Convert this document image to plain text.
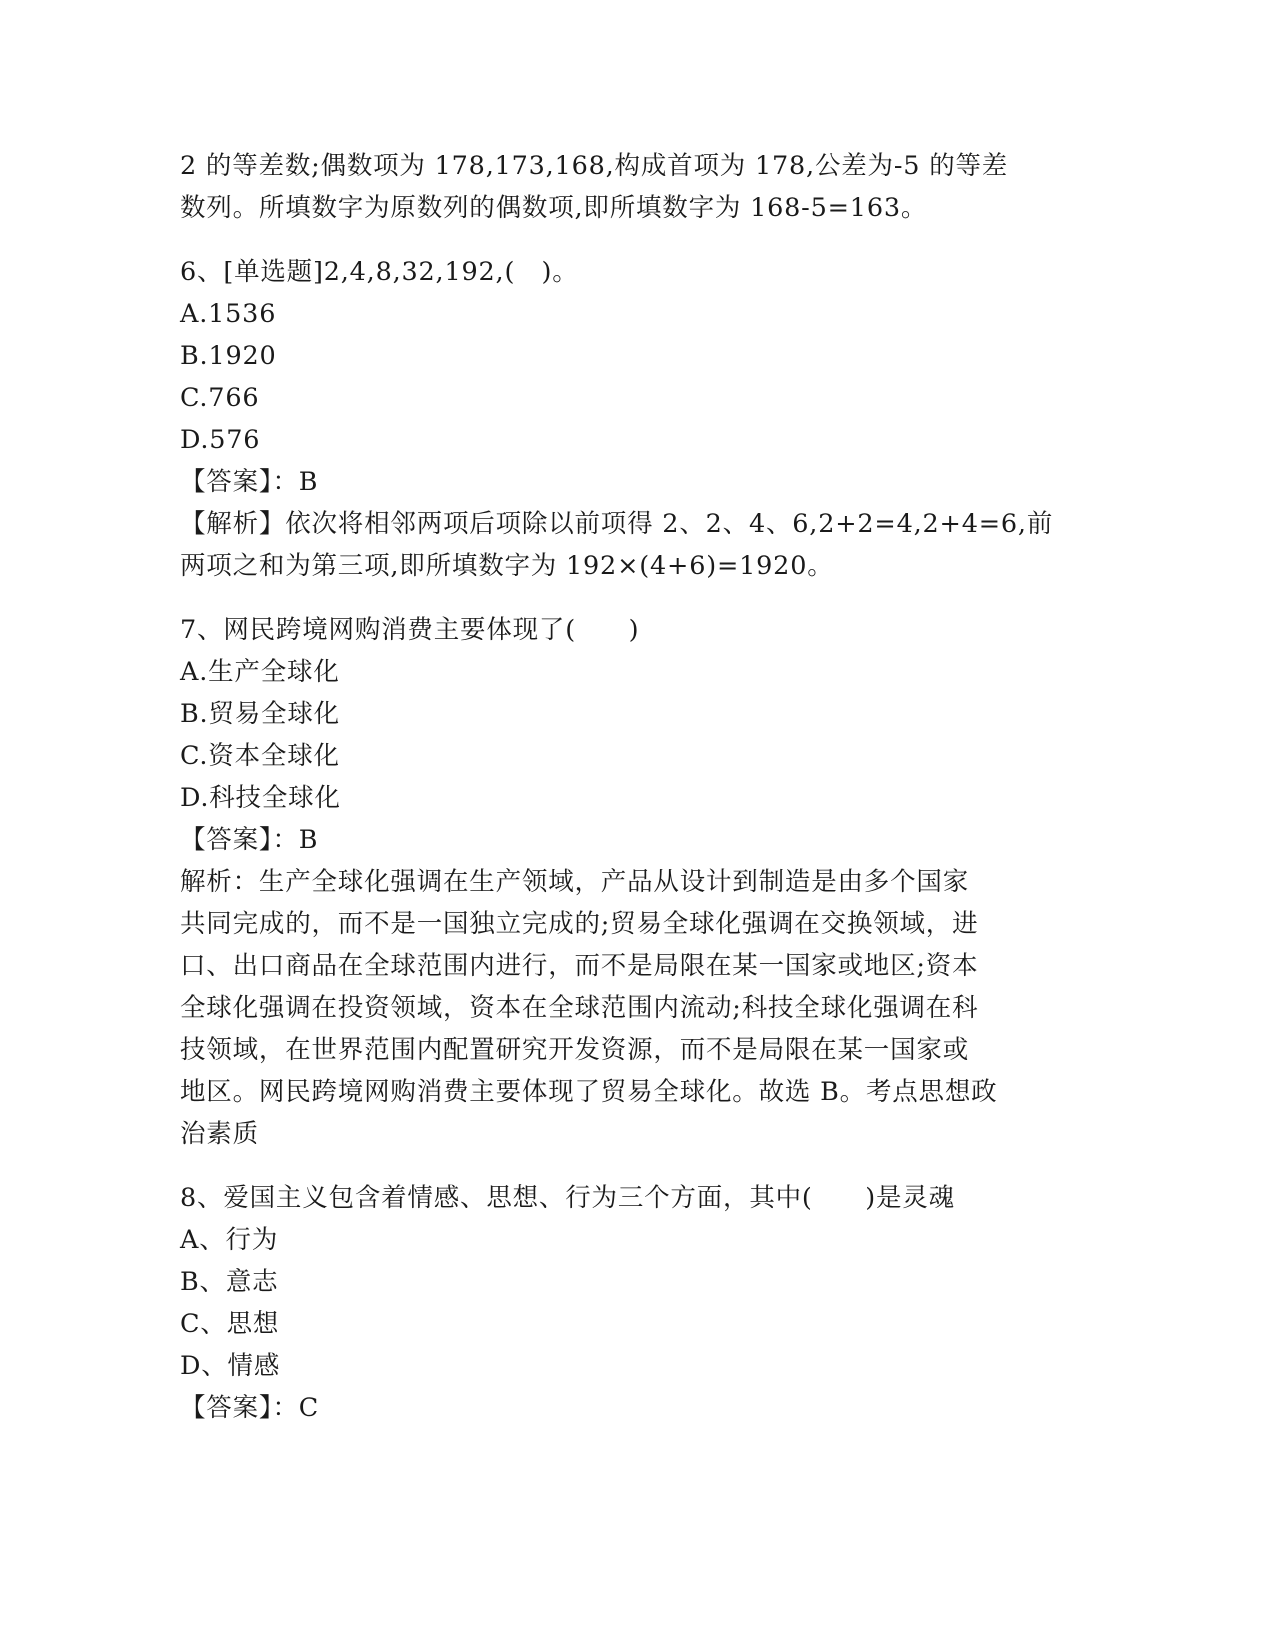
2 的等差数;偶数项为 178,173,168,构成首项为 178,公差为-5 的等差
数列。所填数字为原数列的偶数项,即所填数字为 168-5=163。
6、[单选题]2,4,8,32,192,(　)。
A.1536
B.1920
C.766
D.576
【答案】：B
【解析】依次将相邻两项后项除以前项得 2、2、4、6,2+2=4,2+4=6,前
两项之和为第三项,即所填数字为 192×(4+6)=1920。
7、网民跨境网购消费主要体现了(　　)
A.生产全球化
B.贸易全球化
C.资本全球化
D.科技全球化
【答案】：B
解析：生产全球化强调在生产领域，产品从设计到制造是由多个国家
共同完成的，而不是一国独立完成的;贸易全球化强调在交换领域，进
口、出口商品在全球范围内进行，而不是局限在某一国家或地区;资本
全球化强调在投资领域，资本在全球范围内流动;科技全球化强调在科
技领域，在世界范围内配置研究开发资源，而不是局限在某一国家或
地区。网民跨境网购消费主要体现了贸易全球化。故选 B。考点思想政
治素质
8、爱国主义包含着情感、思想、行为三个方面，其中(　　)是灵魂
A、行为
B、意志
C、思想
D、情感
【答案】：C
